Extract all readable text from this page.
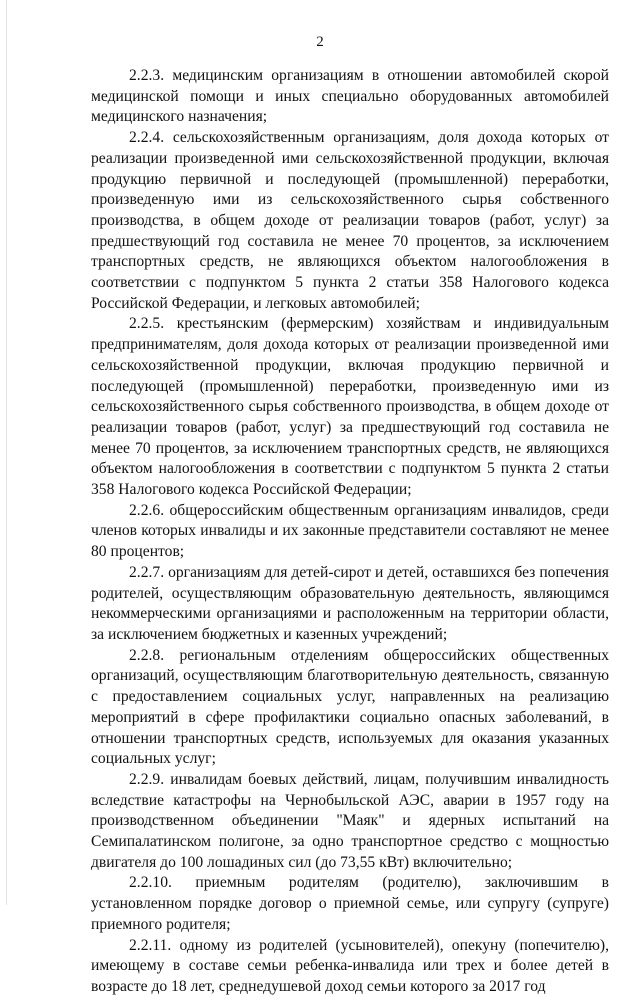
2

2.2.3. медицинским организациям в отношении автомобилей скорой медицинской помощи и иных специально оборудованных автомобилей медицинского назначения;

2.2.4. сельскохозяйственным организациям, доля дохода которых от реализации произведенной ими сельскохозяйственной продукции, включая продукцию первичной и последующей (промышленной) переработки, произведенную ими из сельскохозяйственного сырья собственного производства, в общем доходе от реализации товаров (работ, услуг) за предшествующий год составила не менее 70 процентов, за исключением транспортных средств, не являющихся объектом налогообложения в соответствии с подпунктом 5 пункта 2 статьи 358 Налогового кодекса Российской Федерации, и легковых автомобилей;

2.2.5. крестьянским (фермерским) хозяйствам и индивидуальным предпринимателям, доля дохода которых от реализации произведенной ими сельскохозяйственной продукции, включая продукцию первичной и последующей (промышленной) переработки, произведенную ими из сельскохозяйственного сырья собственного производства, в общем доходе от реализации товаров (работ, услуг) за предшествующий год составила не менее 70 процентов, за исключением транспортных средств, не являющихся объектом налогообложения в соответствии с подпунктом 5 пункта 2 статьи 358 Налогового кодекса Российской Федерации;

2.2.6. общероссийским общественным организациям инвалидов, среди членов которых инвалиды и их законные представители составляют не менее 80 процентов;

2.2.7. организациям для детей-сирот и детей, оставшихся без попечения родителей, осуществляющим образовательную деятельность, являющимся некоммерческими организациями и расположенным на территории области, за исключением бюджетных и казенных учреждений;

2.2.8. региональным отделениям общероссийских общественных организаций, осуществляющим благотворительную деятельность, связанную с предоставлением социальных услуг, направленных на реализацию мероприятий в сфере профилактики социально опасных заболеваний, в отношении транспортных средств, используемых для оказания указанных социальных услуг;

2.2.9. инвалидам боевых действий, лицам, получившим инвалидность вследствие катастрофы на Чернобыльской АЭС, аварии в 1957 году на производственном объединении "Маяк" и ядерных испытаний на Семипалатинском полигоне, за одно транспортное средство с мощностью двигателя до 100 лошадиных сил (до 73,55 кВт) включительно;

2.2.10. приемным родителям (родителю), заключившим в установленном порядке договор о приемной семье, или супругу (супруге) приемного родителя;

2.2.11. одному из родителей (усыновителей), опекуну (попечителю), имеющему в составе семьи ребенка-инвалида или трех и более детей в возрасте до 18 лет, среднедушевой доход семьи которого за 2017 год
